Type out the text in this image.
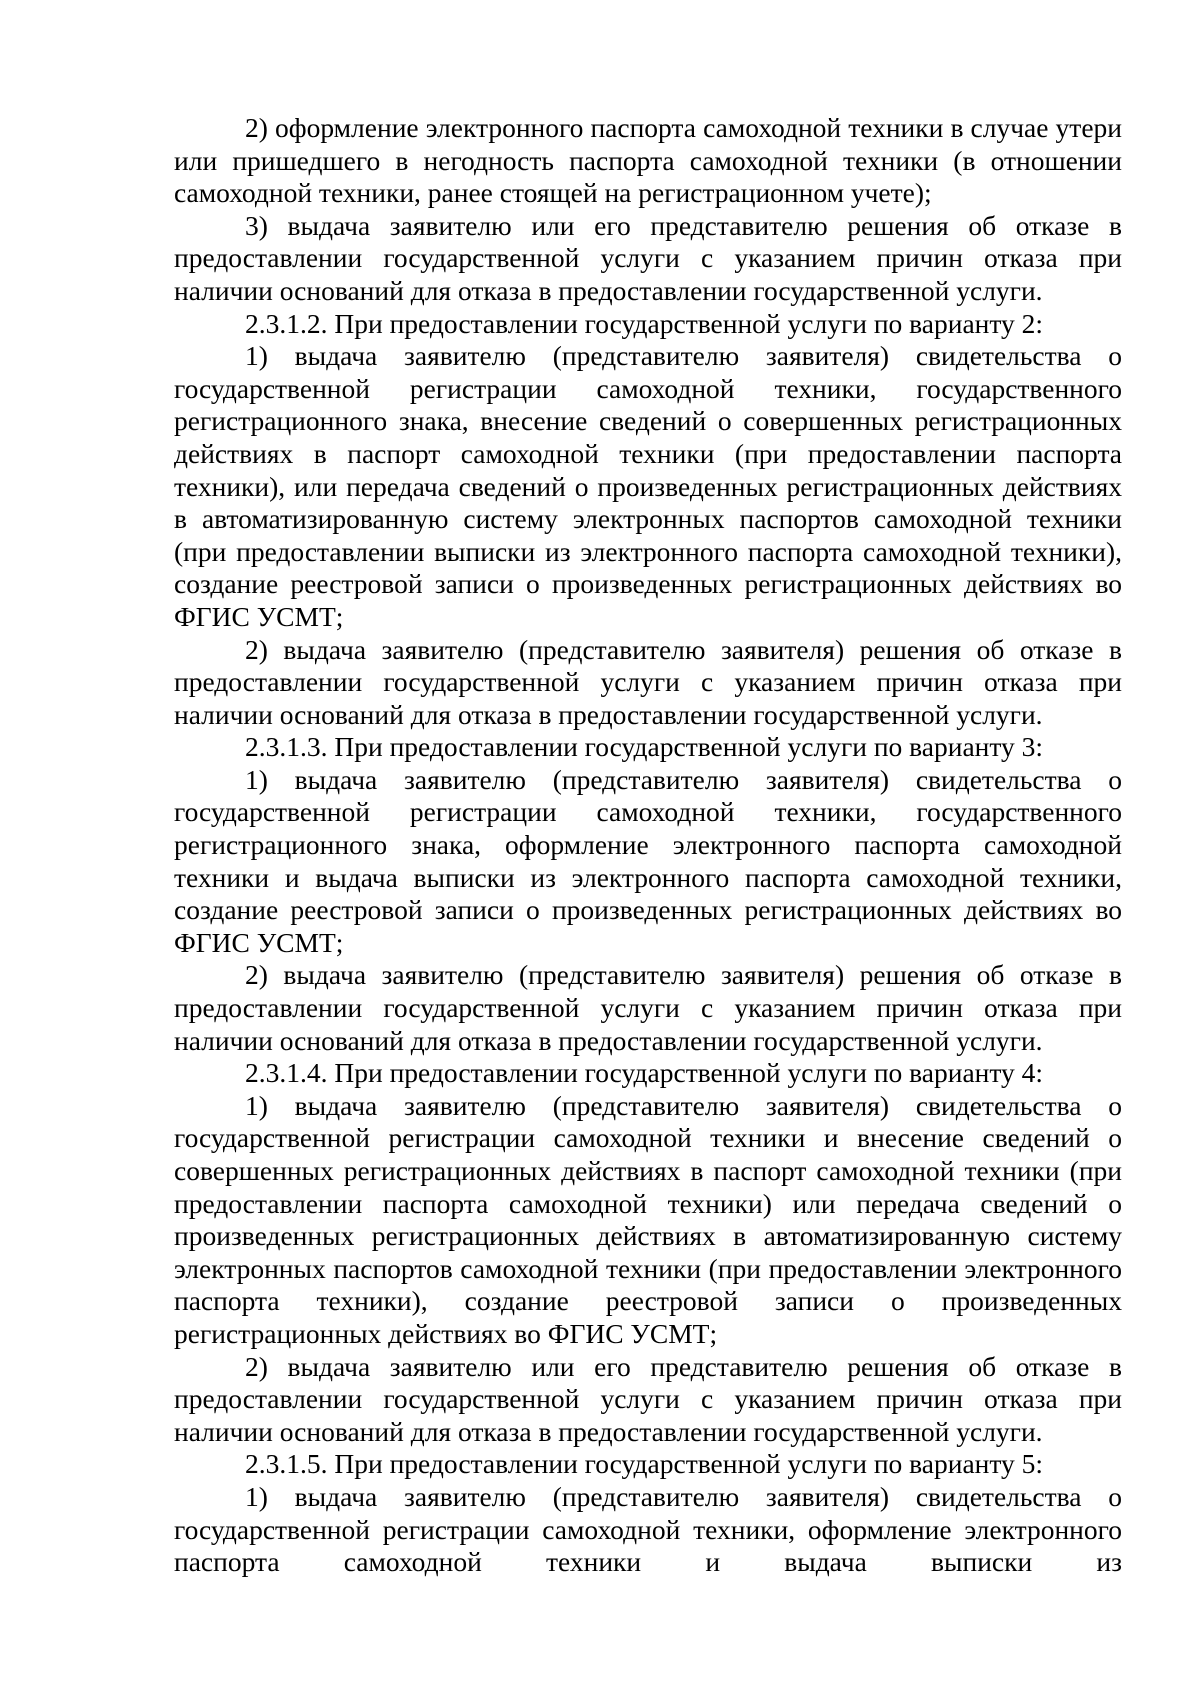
2) оформление электронного паспорта самоходной техники в случае утери или пришедшего в негодность паспорта самоходной техники (в отношении самоходной техники, ранее стоящей на регистрационном учете);

3) выдача заявителю или его представителю решения об отказе в предоставлении государственной услуги с указанием причин отказа при наличии оснований для отказа в предоставлении государственной услуги.

2.3.1.2. При предоставлении государственной услуги по варианту 2:

1) выдача заявителю (представителю заявителя) свидетельства о государственной регистрации самоходной техники, государственного регистрационного знака, внесение сведений о совершенных регистрационных действиях в паспорт самоходной техники (при предоставлении паспорта техники), или передача сведений о произведенных регистрационных действиях в автоматизированную систему электронных паспортов самоходной техники (при предоставлении выписки из электронного паспорта самоходной техники), создание реестровой записи о произведенных регистрационных действиях во ФГИС УСМТ;

2) выдача заявителю (представителю заявителя) решения об отказе в предоставлении государственной услуги с указанием причин отказа при наличии оснований для отказа в предоставлении государственной услуги.

2.3.1.3. При предоставлении государственной услуги по варианту 3:

1) выдача заявителю (представителю заявителя) свидетельства о государственной регистрации самоходной техники, государственного регистрационного знака, оформление электронного паспорта самоходной техники и выдача выписки из электронного паспорта самоходной техники, создание реестровой записи о произведенных регистрационных действиях во ФГИС УСМТ;

2) выдача заявителю (представителю заявителя) решения об отказе в предоставлении государственной услуги с указанием причин отказа при наличии оснований для отказа в предоставлении государственной услуги.

2.3.1.4. При предоставлении государственной услуги по варианту 4:

1) выдача заявителю (представителю заявителя) свидетельства о государственной регистрации самоходной техники и внесение сведений о совершенных регистрационных действиях в паспорт самоходной техники (при предоставлении паспорта самоходной техники) или передача сведений о произведенных регистрационных действиях в автоматизированную систему электронных паспортов самоходной техники (при предоставлении электронного паспорта техники), создание реестровой записи о произведенных регистрационных действиях во ФГИС УСМТ;

2) выдача заявителю или его представителю решения об отказе в предоставлении государственной услуги с указанием причин отказа при наличии оснований для отказа в предоставлении государственной услуги.

2.3.1.5. При предоставлении государственной услуги по варианту 5:

1) выдача заявителю (представителю заявителя) свидетельства о государственной регистрации самоходной техники, оформление электронного паспорта самоходной техники и выдача выписки из
